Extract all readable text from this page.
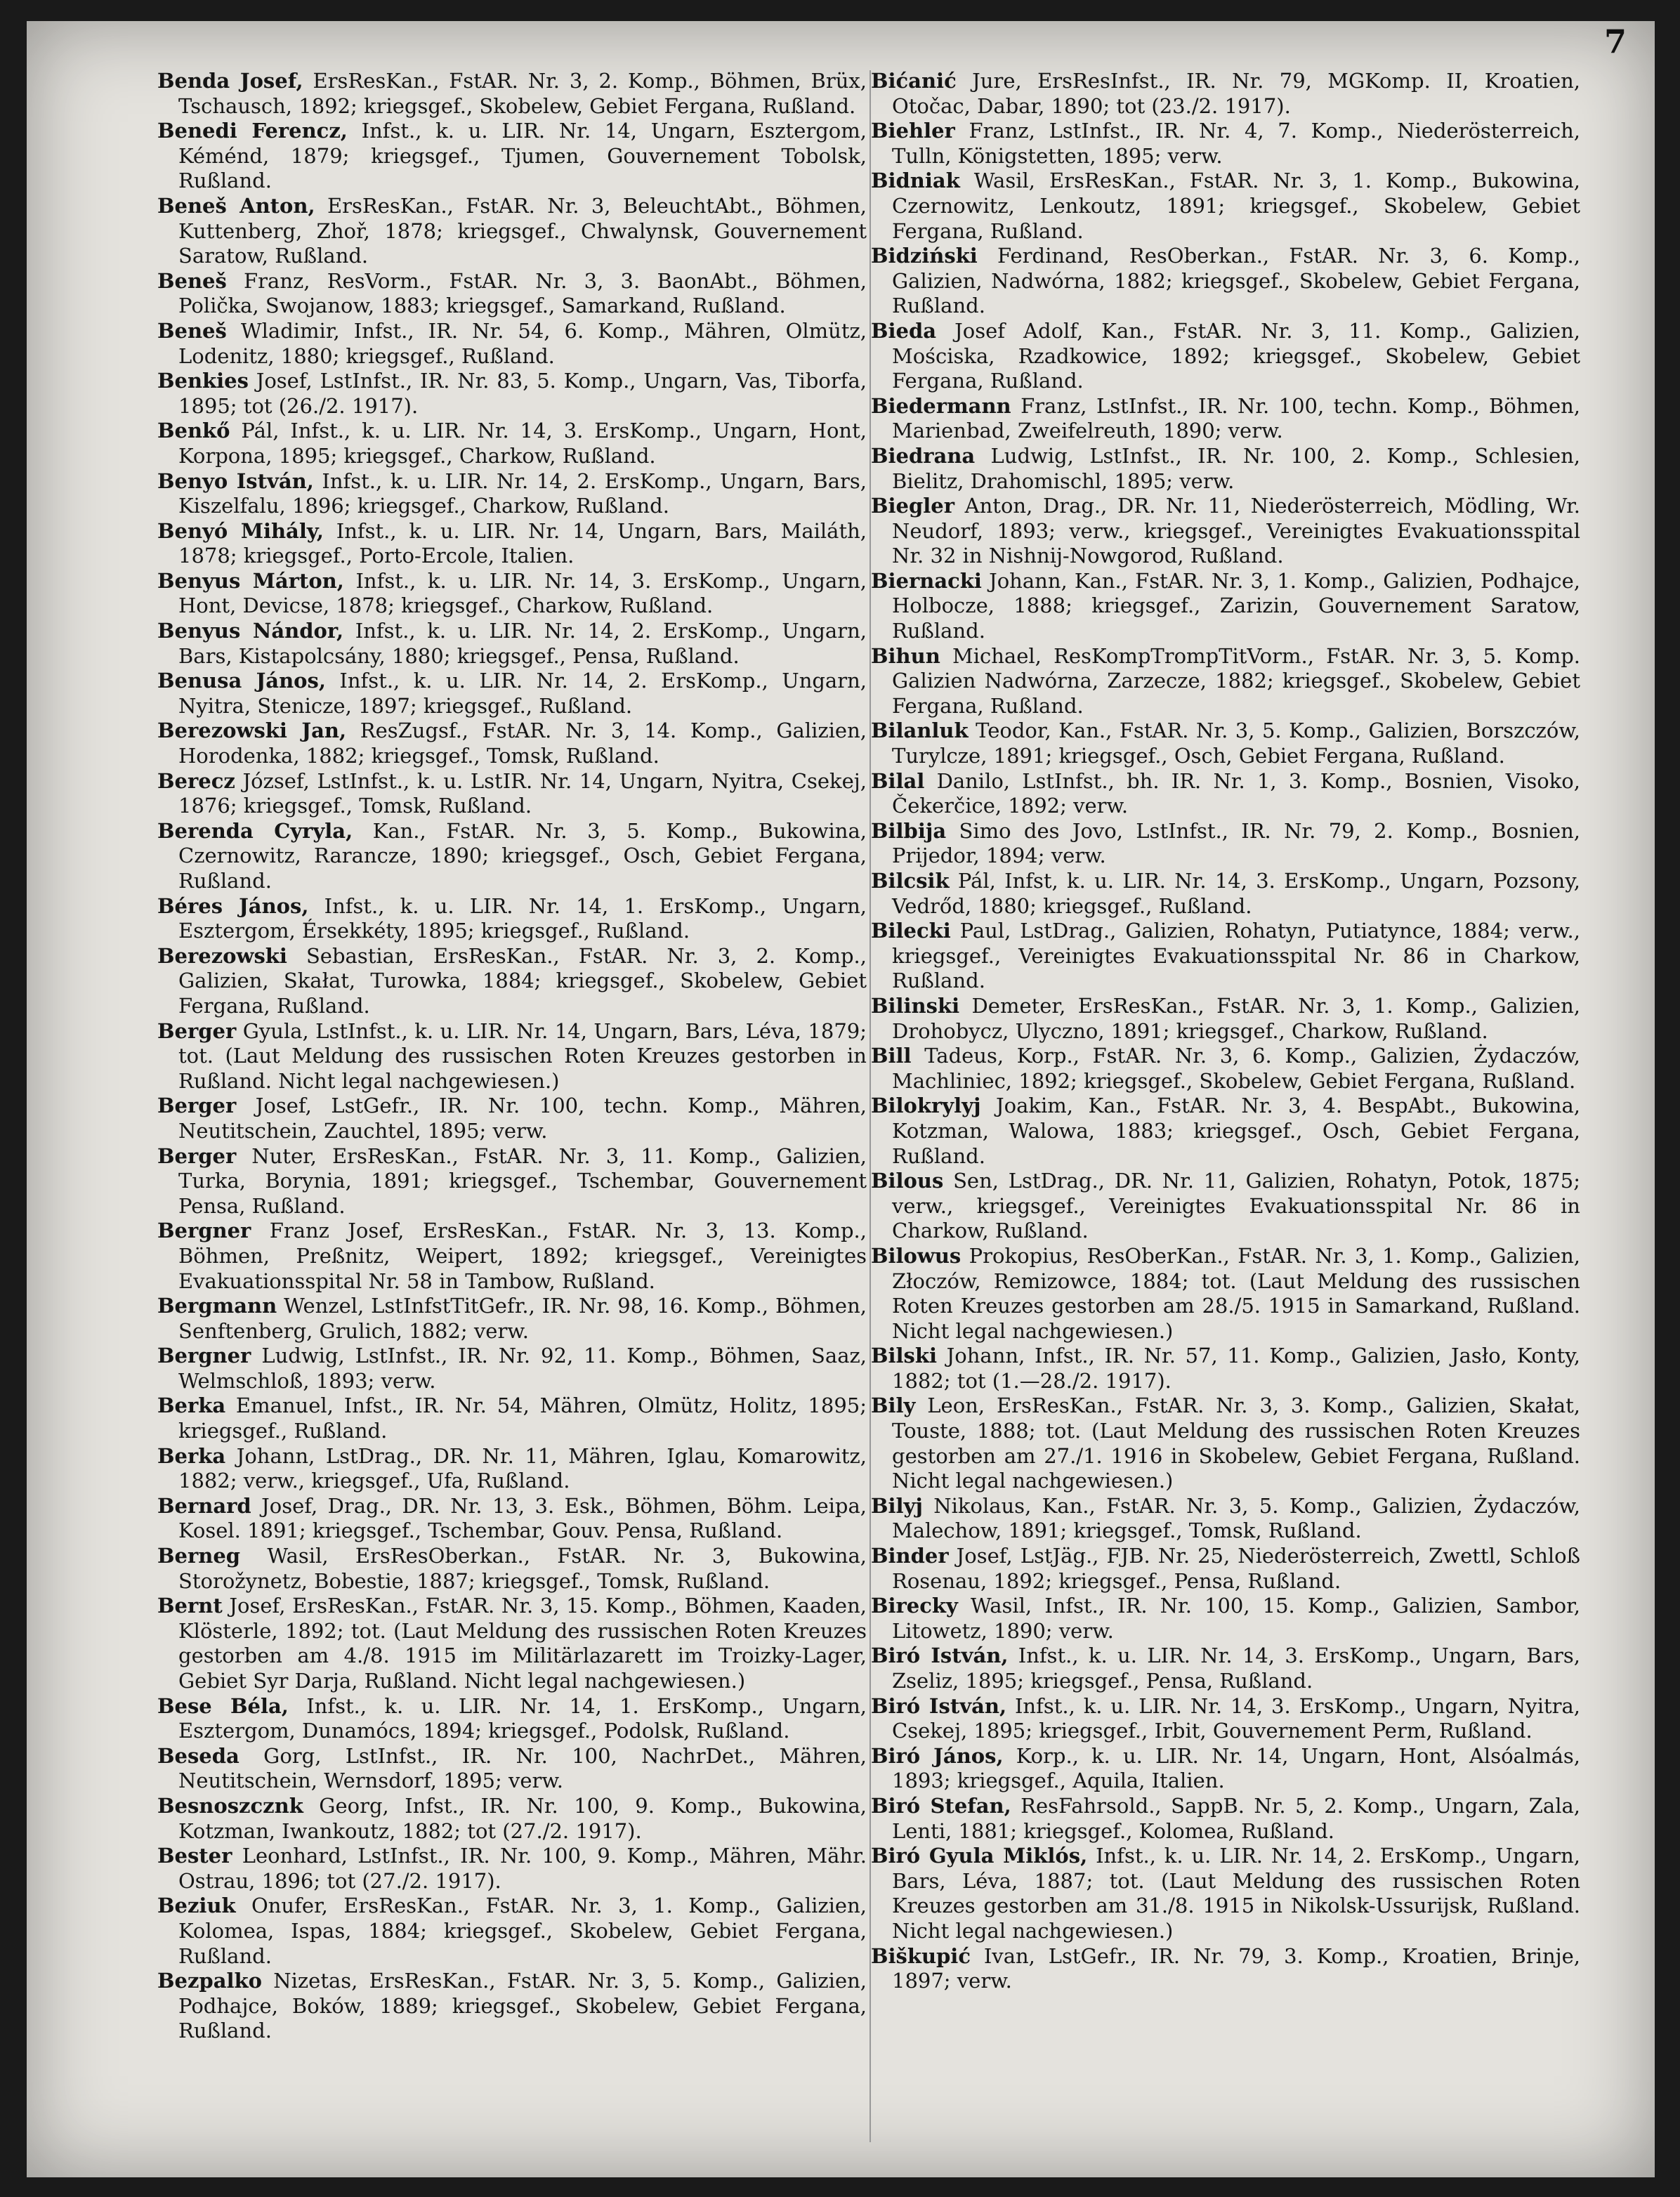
7
Benda Josef, ErsResKan., FstAR. Nr. 3, 2. Komp., Böhmen, Brüx, Tschausch, 1892; kriegsgef., Skobelew, Gebiet Fergana, Rußland.
Benedi Ferencz, Infst., k. u. LIR. Nr. 14, Ungarn, Esztergom, Kéménd, 1879; kriegsgef., Tjumen, Gouvernement Tobolsk, Rußland.
Beneš Anton, ErsResKan., FstAR. Nr. 3, BeleuchtAbt., Böhmen, Kuttenberg, Zhoř, 1878; kriegsgef., Chwalynsk, Gouvernement Saratow, Rußland.
Beneš Franz, ResVorm., FstAR. Nr. 3, 3. BaonAbt., Böhmen, Polička, Swojanow, 1883; kriegsgef., Samarkand, Rußland.
Beneš Wladimir, Infst., IR. Nr. 54, 6. Komp., Mähren, Olmütz, Lodenitz, 1880; kriegsgef., Rußland.
Benkies Josef, LstInfst., IR. Nr. 83, 5. Komp., Ungarn, Vas, Tiborfa, 1895; tot (26./2. 1917).
Benkő Pál, Infst., k. u. LIR. Nr. 14, 3. ErsKomp., Ungarn, Hont, Korpona, 1895; kriegsgef., Charkow, Rußland.
Benyo István, Infst., k. u. LIR. Nr. 14, 2. ErsKomp., Ungarn, Bars, Kiszelfalu, 1896; kriegsgef., Charkow, Rußland.
Benyó Mihály, Infst., k. u. LIR. Nr. 14, Ungarn, Bars, Mailáth, 1878; kriegsgef., Porto-Ercole, Italien.
Benyus Márton, Infst., k. u. LIR. Nr. 14, 3. ErsKomp., Ungarn, Hont, Devicse, 1878; kriegsgef., Charkow, Rußland.
Benyus Nándor, Infst., k. u. LIR. Nr. 14, 2. ErsKomp., Ungarn, Bars, Kistapolcsány, 1880; kriegsgef., Pensa, Rußland.
Benusa János, Infst., k. u. LIR. Nr. 14, 2. ErsKomp., Ungarn, Nyitra, Stenicze, 1897; kriegsgef., Rußland.
Berezowski Jan, ResZugsf., FstAR. Nr. 3, 14. Komp., Galizien, Horodenka, 1882; kriegsgef., Tomsk, Rußland.
Berecz József, LstInfst., k. u. LstIR. Nr. 14, Ungarn, Nyitra, Csekej, 1876; kriegsgef., Tomsk, Rußland.
Berenda Cyryla, Kan., FstAR. Nr. 3, 5. Komp., Bukowina, Czernowitz, Rarancze, 1890; kriegsgef., Osch, Gebiet Fergana, Rußland.
Béres János, Infst., k. u. LIR. Nr. 14, 1. ErsKomp., Ungarn, Esztergom, Érsekkéty, 1895; kriegsgef., Rußland.
Berezowski Sebastian, ErsResKan., FstAR. Nr. 3, 2. Komp., Galizien, Skałat, Turowka, 1884; kriegsgef., Skobelew, Gebiet Fergana, Rußland.
Berger Gyula, LstInfst., k. u. LIR. Nr. 14, Ungarn, Bars, Léva, 1879; tot. (Laut Meldung des russischen Roten Kreuzes gestorben in Rußland. Nicht legal nachgewiesen.)
Berger Josef, LstGefr., IR. Nr. 100, techn. Komp., Mähren, Neutitschein, Zauchtel, 1895; verw.
Berger Nuter, ErsResKan., FstAR. Nr. 3, 11. Komp., Galizien, Turka, Borynia, 1891; kriegsgef., Tschembar, Gouvernement Pensa, Rußland.
Bergner Franz Josef, ErsResKan., FstAR. Nr. 3, 13. Komp., Böhmen, Preßnitz, Weipert, 1892; kriegsgef., Vereinigtes Evakuationsspital Nr. 58 in Tambow, Rußland.
Bergmann Wenzel, LstInfstTitGefr., IR. Nr. 98, 16. Komp., Böhmen, Senftenberg, Grulich, 1882; verw.
Bergner Ludwig, LstInfst., IR. Nr. 92, 11. Komp., Böhmen, Saaz, Welmschloß, 1893; verw.
Berka Emanuel, Infst., IR. Nr. 54, Mähren, Olmütz, Holitz, 1895; kriegsgef., Rußland.
Berka Johann, LstDrag., DR. Nr. 11, Mähren, Iglau, Komarowitz, 1882; verw., kriegsgef., Ufa, Rußland.
Bernard Josef, Drag., DR. Nr. 13, 3. Esk., Böhmen, Böhm. Leipa, Kosel. 1891; kriegsgef., Tschembar, Gouv. Pensa, Rußland.
Berneg Wasil, ErsResOberkan., FstAR. Nr. 3, Bukowina, Storožynetz, Bobestie, 1887; kriegsgef., Tomsk, Rußland.
Bernt Josef, ErsResKan., FstAR. Nr. 3, 15. Komp., Böhmen, Kaaden, Klösterle, 1892; tot. (Laut Meldung des russischen Roten Kreuzes gestorben am 4./8. 1915 im Militärlazarett im Troizky-Lager, Gebiet Syr Darja, Rußland. Nicht legal nachgewiesen.)
Bese Béla, Infst., k. u. LIR. Nr. 14, 1. ErsKomp., Ungarn, Esztergom, Dunamócs, 1894; kriegsgef., Podolsk, Rußland.
Beseda Gorg, LstInfst., IR. Nr. 100, NachrDet., Mähren, Neutitschein, Wernsdorf, 1895; verw.
Besnoszcznk Georg, Infst., IR. Nr. 100, 9. Komp., Bukowina, Kotzman, Iwankoutz, 1882; tot (27./2. 1917).
Bester Leonhard, LstInfst., IR. Nr. 100, 9. Komp., Mähren, Mähr. Ostrau, 1896; tot (27./2. 1917).
Beziuk Onufer, ErsResKan., FstAR. Nr. 3, 1. Komp., Galizien, Kolomea, Ispas, 1884; kriegsgef., Skobelew, Gebiet Fergana, Rußland.
Bezpalko Nizetas, ErsResKan., FstAR. Nr. 3, 5. Komp., Galizien, Podhajce, Boków, 1889; kriegsgef., Skobelew, Gebiet Fergana, Rußland.
Bićanić Jure, ErsResInfst., IR. Nr. 79, MGKomp. II, Kroatien, Otočac, Dabar, 1890; tot (23./2. 1917).
Biehler Franz, LstInfst., IR. Nr. 4, 7. Komp., Niederösterreich, Tulln, Königstetten, 1895; verw.
Bidniak Wasil, ErsResKan., FstAR. Nr. 3, 1. Komp., Bukowina, Czernowitz, Lenkoutz, 1891; kriegsgef., Skobelew, Gebiet Fergana, Rußland.
Bidziński Ferdinand, ResOberkan., FstAR. Nr. 3, 6. Komp., Galizien, Nadwórna, 1882; kriegsgef., Skobelew, Gebiet Fergana, Rußland.
Bieda Josef Adolf, Kan., FstAR. Nr. 3, 11. Komp., Galizien, Mościska, Rzadkowice, 1892; kriegsgef., Skobelew, Gebiet Fergana, Rußland.
Biedermann Franz, LstInfst., IR. Nr. 100, techn. Komp., Böhmen, Marienbad, Zweifelreuth, 1890; verw.
Biedrana Ludwig, LstInfst., IR. Nr. 100, 2. Komp., Schlesien, Bielitz, Drahomischl, 1895; verw.
Biegler Anton, Drag., DR. Nr. 11, Niederösterreich, Mödling, Wr. Neudorf, 1893; verw., kriegsgef., Vereinigtes Evakuationsspital Nr. 32 in Nishnij-Nowgorod, Rußland.
Biernacki Johann, Kan., FstAR. Nr. 3, 1. Komp., Galizien, Podhajce, Holbocze, 1888; kriegsgef., Zarizin, Gouvernement Saratow, Rußland.
Bihun Michael, ResKompTrompTitVorm., FstAR. Nr. 3, 5. Komp. Galizien Nadwórna, Zarzecze, 1882; kriegsgef., Skobelew, Gebiet Fergana, Rußland.
Bilanluk Teodor, Kan., FstAR. Nr. 3, 5. Komp., Galizien, Borszczów, Turylcze, 1891; kriegsgef., Osch, Gebiet Fergana, Rußland.
Bilal Danilo, LstInfst., bh. IR. Nr. 1, 3. Komp., Bosnien, Visoko, Čekerčice, 1892; verw.
Bilbija Simo des Jovo, LstInfst., IR. Nr. 79, 2. Komp., Bosnien, Prijedor, 1894; verw.
Bilcsik Pál, Infst, k. u. LIR. Nr. 14, 3. ErsKomp., Ungarn, Pozsony, Vedrőd, 1880; kriegsgef., Rußland.
Bilecki Paul, LstDrag., Galizien, Rohatyn, Putiatynce, 1884; verw., kriegsgef., Vereinigtes Evakuationsspital Nr. 86 in Charkow, Rußland.
Bilinski Demeter, ErsResKan., FstAR. Nr. 3, 1. Komp., Galizien, Drohobycz, Ulyczno, 1891; kriegsgef., Charkow, Rußland.
Bill Tadeus, Korp., FstAR. Nr. 3, 6. Komp., Galizien, Żydaczów, Machliniec, 1892; kriegsgef., Skobelew, Gebiet Fergana, Rußland.
Bilokrylyj Joakim, Kan., FstAR. Nr. 3, 4. BespAbt., Bukowina, Kotzman, Walowa, 1883; kriegsgef., Osch, Gebiet Fergana, Rußland.
Bilous Sen, LstDrag., DR. Nr. 11, Galizien, Rohatyn, Potok, 1875; verw., kriegsgef., Vereinigtes Evakuationsspital Nr. 86 in Charkow, Rußland.
Bilowus Prokopius, ResOberKan., FstAR. Nr. 3, 1. Komp., Galizien, Złoczów, Remizowce, 1884; tot. (Laut Meldung des russischen Roten Kreuzes gestorben am 28./5. 1915 in Samarkand, Rußland. Nicht legal nachgewiesen.)
Bilski Johann, Infst., IR. Nr. 57, 11. Komp., Galizien, Jasło, Konty, 1882; tot (1.—28./2. 1917).
Bily Leon, ErsResKan., FstAR. Nr. 3, 3. Komp., Galizien, Skałat, Touste, 1888; tot. (Laut Meldung des russischen Roten Kreuzes gestorben am 27./1. 1916 in Skobelew, Gebiet Fergana, Rußland. Nicht legal nachgewiesen.)
Bilyj Nikolaus, Kan., FstAR. Nr. 3, 5. Komp., Galizien, Żydaczów, Malechow, 1891; kriegsgef., Tomsk, Rußland.
Binder Josef, LstJäg., FJB. Nr. 25, Niederösterreich, Zwettl, Schloß Rosenau, 1892; kriegsgef., Pensa, Rußland.
Birecky Wasil, Infst., IR. Nr. 100, 15. Komp., Galizien, Sambor, Litowetz, 1890; verw.
Biró István, Infst., k. u. LIR. Nr. 14, 3. ErsKomp., Ungarn, Bars, Zseliz, 1895; kriegsgef., Pensa, Rußland.
Biró István, Infst., k. u. LIR. Nr. 14, 3. ErsKomp., Ungarn, Nyitra, Csekej, 1895; kriegsgef., Irbit, Gouvernement Perm, Rußland.
Biró János, Korp., k. u. LIR. Nr. 14, Ungarn, Hont, Alsóalmás, 1893; kriegsgef., Aquila, Italien.
Biró Stefan, ResFahrsold., SappB. Nr. 5, 2. Komp., Ungarn, Zala, Lenti, 1881; kriegsgef., Kolomea, Rußland.
Biró Gyula Miklós, Infst., k. u. LIR. Nr. 14, 2. ErsKomp., Ungarn, Bars, Léva, 1887; tot. (Laut Meldung des russischen Roten Kreuzes gestorben am 31./8. 1915 in Nikolsk-Ussurijsk, Rußland. Nicht legal nachgewiesen.)
Biškupić Ivan, LstGefr., IR. Nr. 79, 3. Komp., Kroatien, Brinje, 1897; verw.
